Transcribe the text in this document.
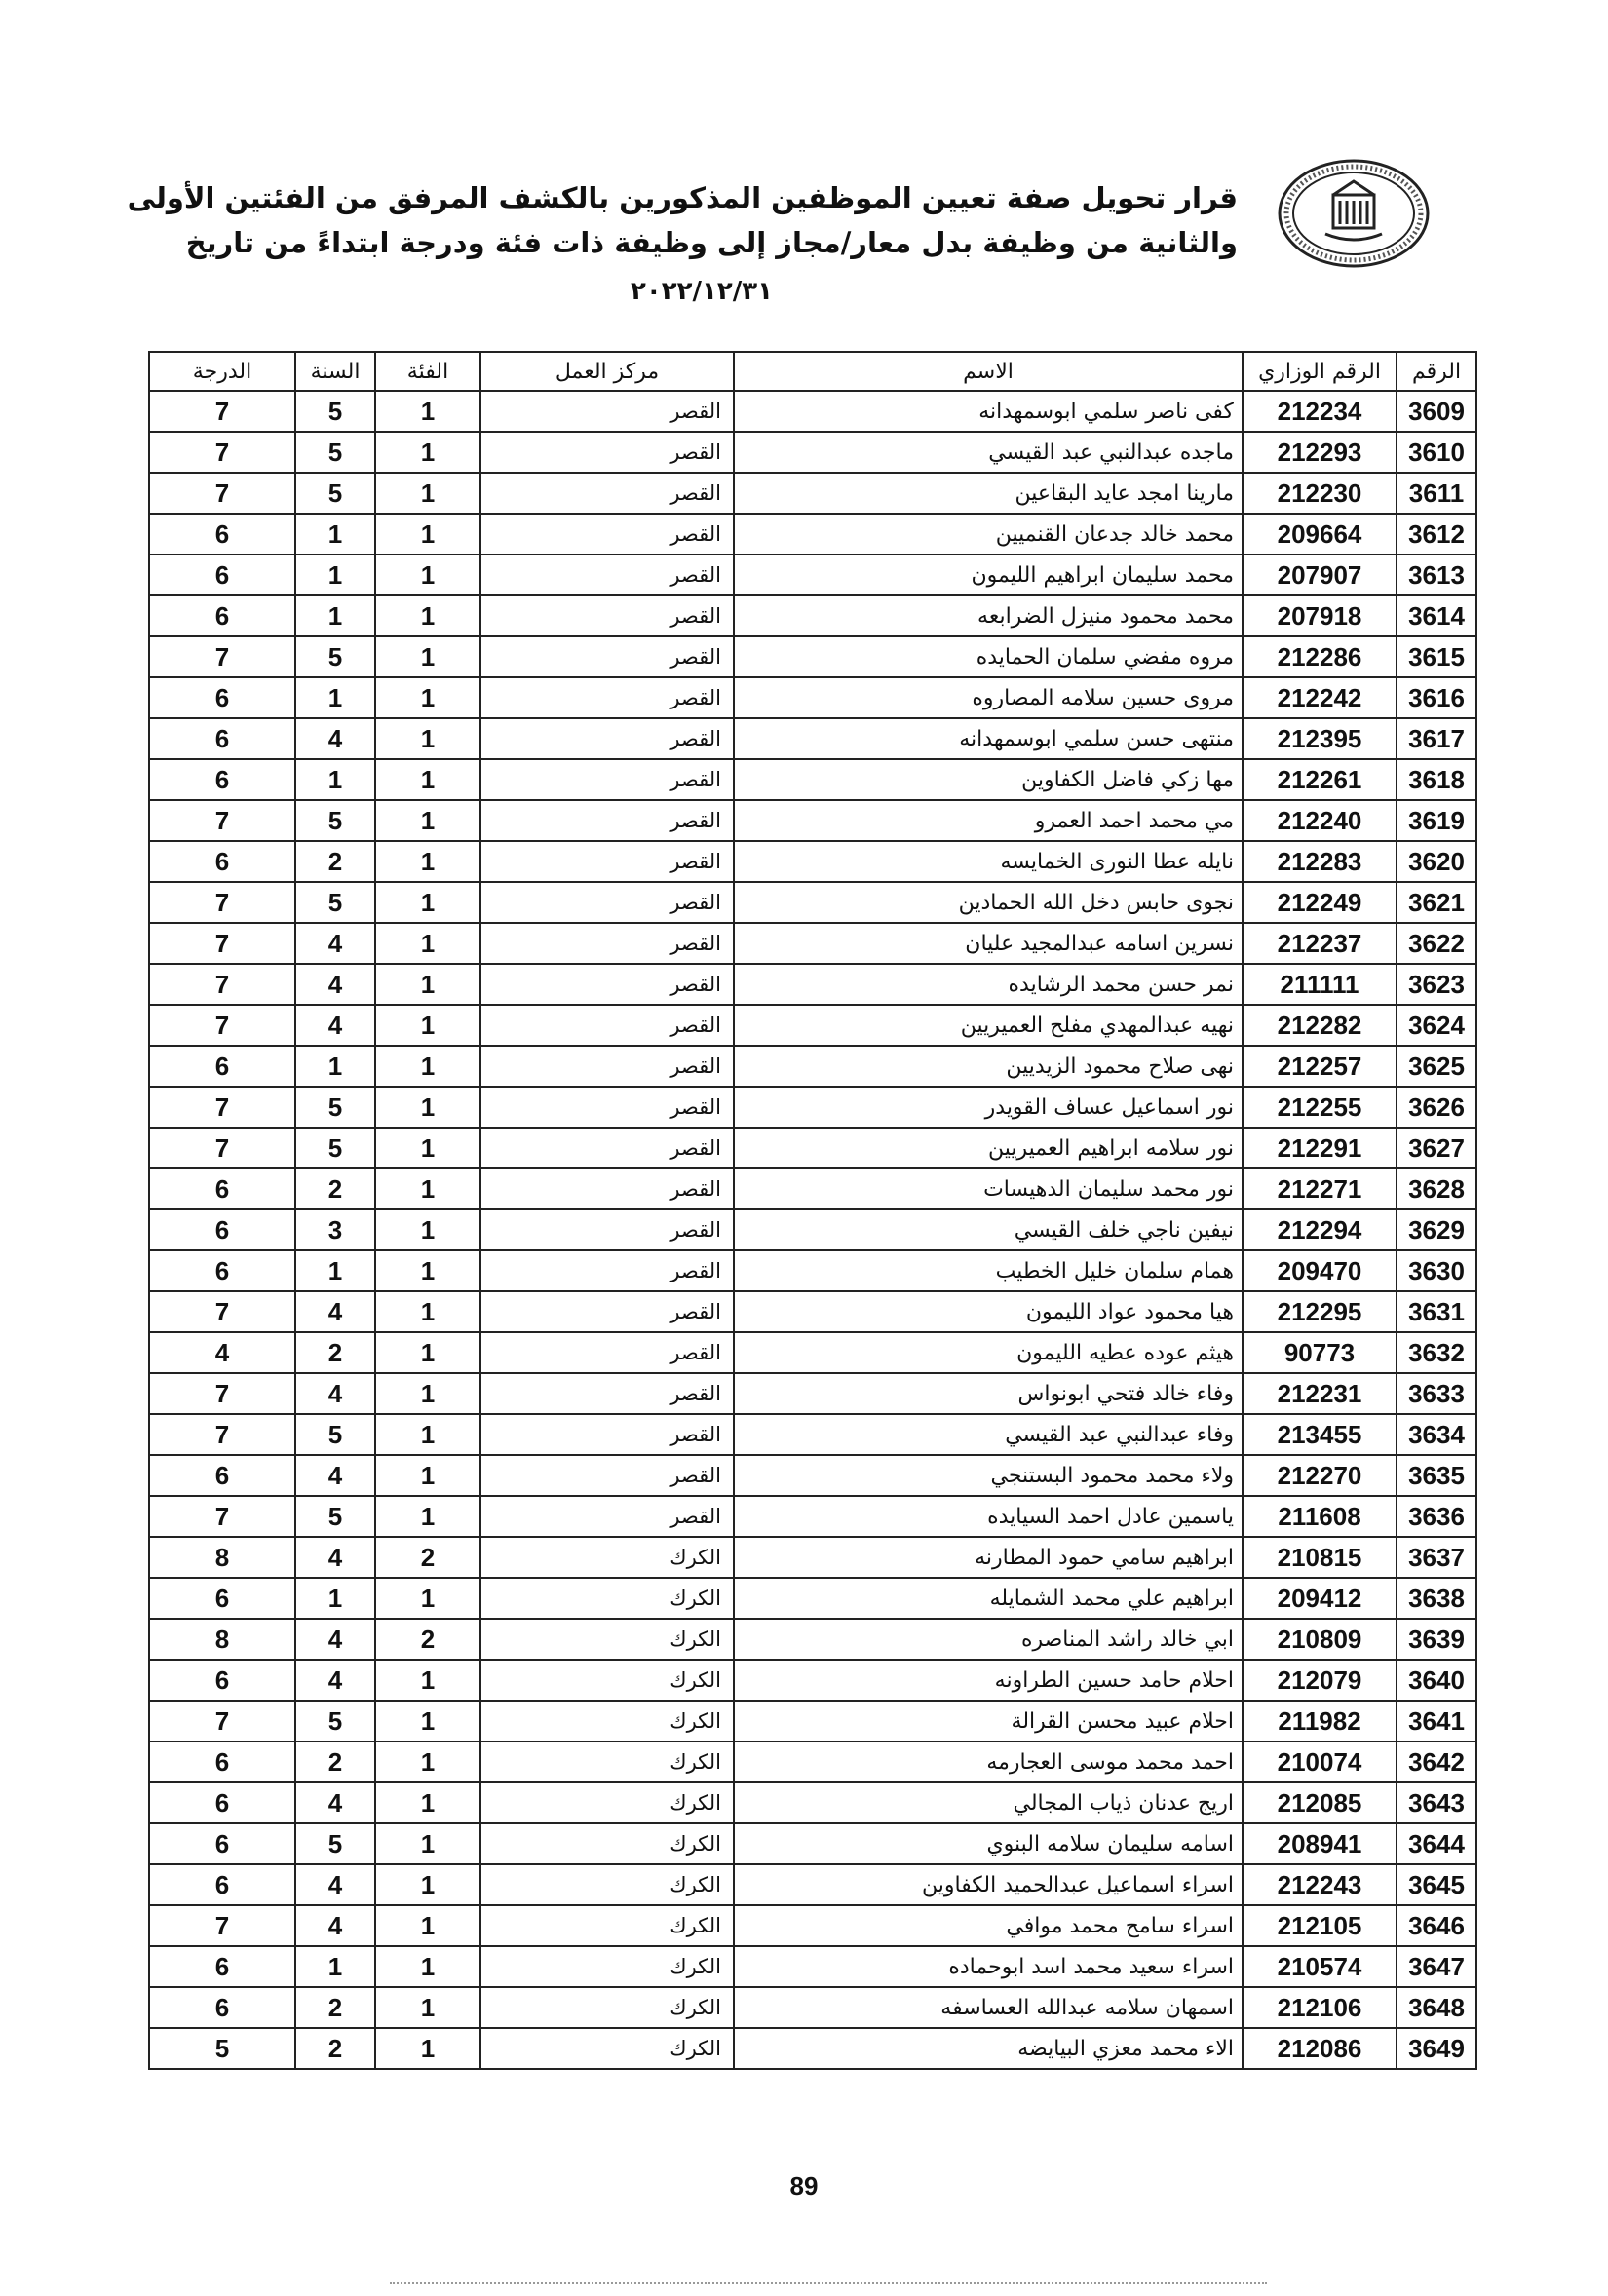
قرار تحويل صفة تعيين الموظفين المذكورين بالكشف المرفق من الفئتين الأولى
والثانية من وظيفة بدل معار/مجاز إلى وظيفة ذات فئة ودرجة ابتداءً من تاريخ
٢٠٢٢/١٢/٣١
الرقم	الرقم الوزاري	الاسم	مركز العمل	الفئة	السنة	الدرجة
3609	212234	كفى ناصر سلمي ابوسمهدانه	القصر	1	5	7
3610	212293	ماجده عبدالنبي عبد القيسي	القصر	1	5	7
3611	212230	مارينا امجد عايد البقاعين	القصر	1	5	7
3612	209664	محمد خالد جدعان القنميين	القصر	1	1	6
3613	207907	محمد سليمان ابراهيم الليمون	القصر	1	1	6
3614	207918	محمد محمود منيزل الضرابعه	القصر	1	1	6
3615	212286	مروه مفضي سلمان الحمايده	القصر	1	5	7
3616	212242	مروى حسين سلامه المصاروه	القصر	1	1	6
3617	212395	منتهى حسن سلمي ابوسمهدانه	القصر	1	4	6
3618	212261	مها زكي فاضل الكفاوين	القصر	1	1	6
3619	212240	مي محمد احمد العمرو	القصر	1	5	7
3620	212283	نايله عطا النورى الخمايسه	القصر	1	2	6
3621	212249	نجوى حابس دخل الله الحمادين	القصر	1	5	7
3622	212237	نسرين اسامه عبدالمجيد عليان	القصر	1	4	7
3623	211111	نمر حسن محمد الرشايده	القصر	1	4	7
3624	212282	نهيه عبدالمهدي مفلح العميريين	القصر	1	4	7
3625	212257	نهى صلاح محمود الزيديين	القصر	1	1	6
3626	212255	نور اسماعيل عساف القويدر	القصر	1	5	7
3627	212291	نور سلامه ابراهيم العميريين	القصر	1	5	7
3628	212271	نور محمد سليمان الدهيسات	القصر	1	2	6
3629	212294	نيفين ناجي خلف القيسي	القصر	1	3	6
3630	209470	همام سلمان خليل الخطيب	القصر	1	1	6
3631	212295	هيا محمود عواد الليمون	القصر	1	4	7
3632	90773	هيثم عوده عطيه الليمون	القصر	1	2	4
3633	212231	وفاء خالد فتحي ابونواس	القصر	1	4	7
3634	213455	وفاء عبدالنبي عبد القيسي	القصر	1	5	7
3635	212270	ولاء محمد محمود البستنجي	القصر	1	4	6
3636	211608	ياسمين عادل احمد السيايده	القصر	1	5	7
3637	210815	ابراهيم سامي حمود المطارنه	الكرك	2	4	8
3638	209412	ابراهيم علي محمد الشمايله	الكرك	1	1	6
3639	210809	ابي خالد راشد المناصره	الكرك	2	4	8
3640	212079	احلام حامد حسين الطراونه	الكرك	1	4	6
3641	211982	احلام عبيد محسن القرالة	الكرك	1	5	7
3642	210074	احمد محمد موسى العجارمه	الكرك	1	2	6
3643	212085	اريج عدنان ذياب المجالي	الكرك	1	4	6
3644	208941	اسامه سليمان سلامه البنوي	الكرك	1	5	6
3645	212243	اسراء اسماعيل عبدالحميد الكفاوين	الكرك	1	4	6
3646	212105	اسراء سامح محمد موافي	الكرك	1	4	7
3647	210574	اسراء سعيد محمد اسد ابوحماده	الكرك	1	1	6
3648	212106	اسمهان سلامه عبدالله العساسفه	الكرك	1	2	6
3649	212086	الاء محمد معزي البيايضه	الكرك	1	2	5
89
